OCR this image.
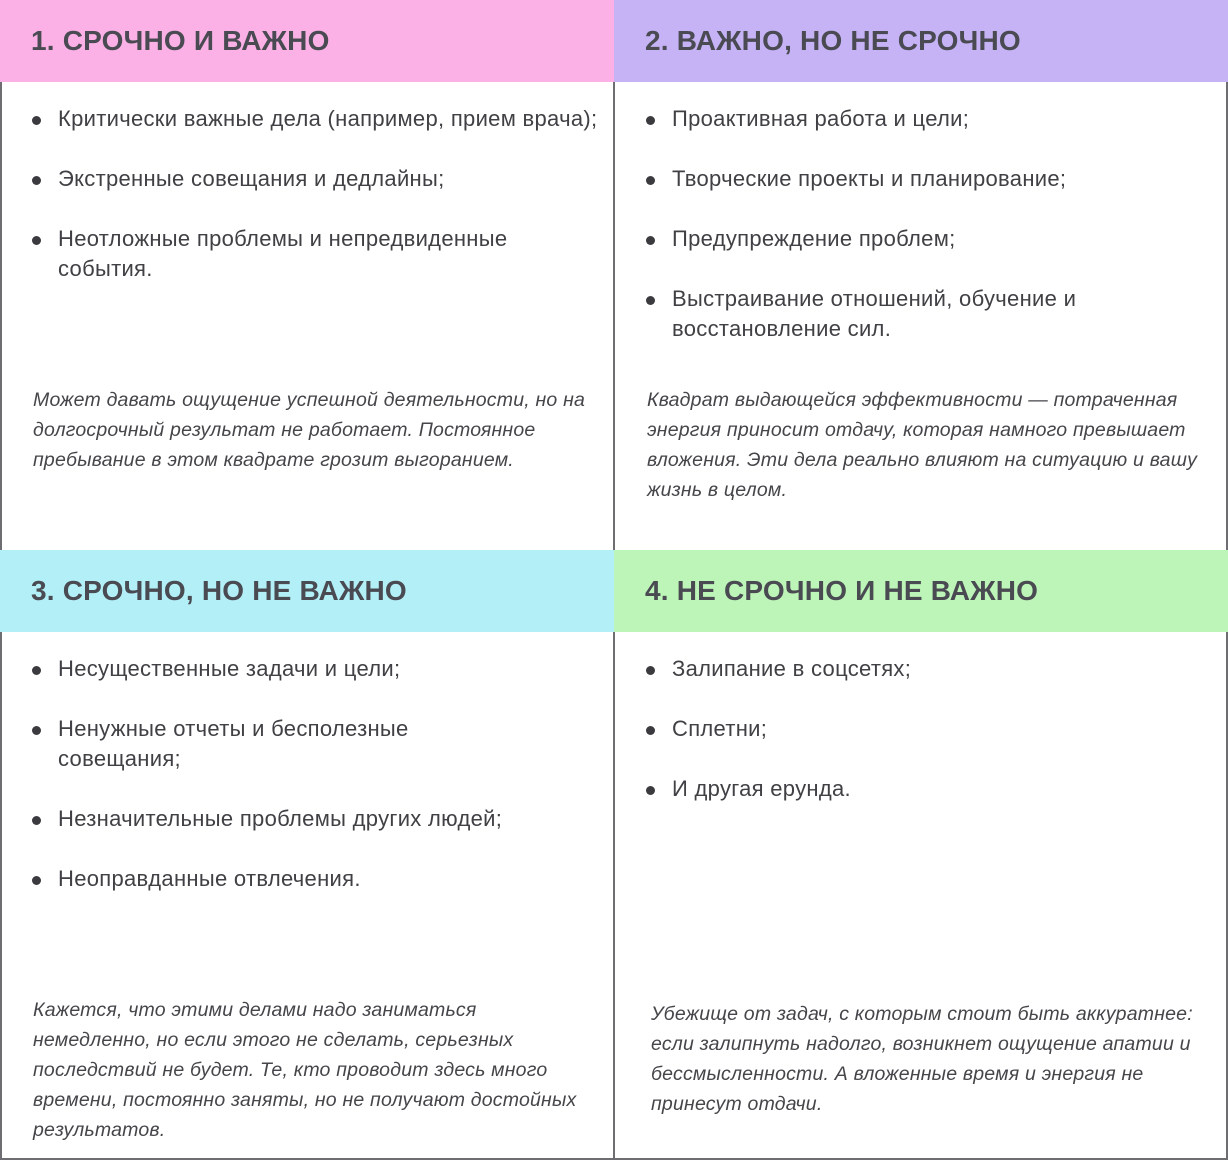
1. СРОЧНО И ВАЖНО
Критически важные дела (например, прием врача);
Экстренные совещания и дедлайны;
Неотложные проблемы и непредвиденные события.

Может давать ощущение успешной деятельности, но на долгосрочный результат не работает. Постоянное пребывание в этом квадрате грозит выгоранием.

2. ВАЖНО, НО НЕ СРОЧНО
Проактивная работа и цели;
Творческие проекты и планирование;
Предупреждение проблем;
Выстраивание отношений, обучение и восстановление сил.

Квадрат выдающейся эффективности — потраченная энергия приносит отдачу, которая намного превышает вложения. Эти дела реально влияют на ситуацию и вашу жизнь в целом.

3. СРОЧНО, НО НЕ ВАЖНО
Несущественные задачи и цели;
Ненужные отчеты и бесполезные совещания;
Незначительные проблемы других людей;
Неоправданные отвлечения.

Кажется, что этими делами надо заниматься немедленно, но если этого не сделать, серьезных последствий не будет. Те, кто проводит здесь много времени, постоянно заняты, но не получают достойных результатов.

4. НЕ СРОЧНО И НЕ ВАЖНО
Залипание в соцсетях;
Сплетни;
И другая ерунда.

Убежище от задач, с которым стоит быть аккуратнее: если залипнуть надолго, возникнет ощущение апатии и бессмысленности. А вложенные время и энергия не принесут отдачи.
